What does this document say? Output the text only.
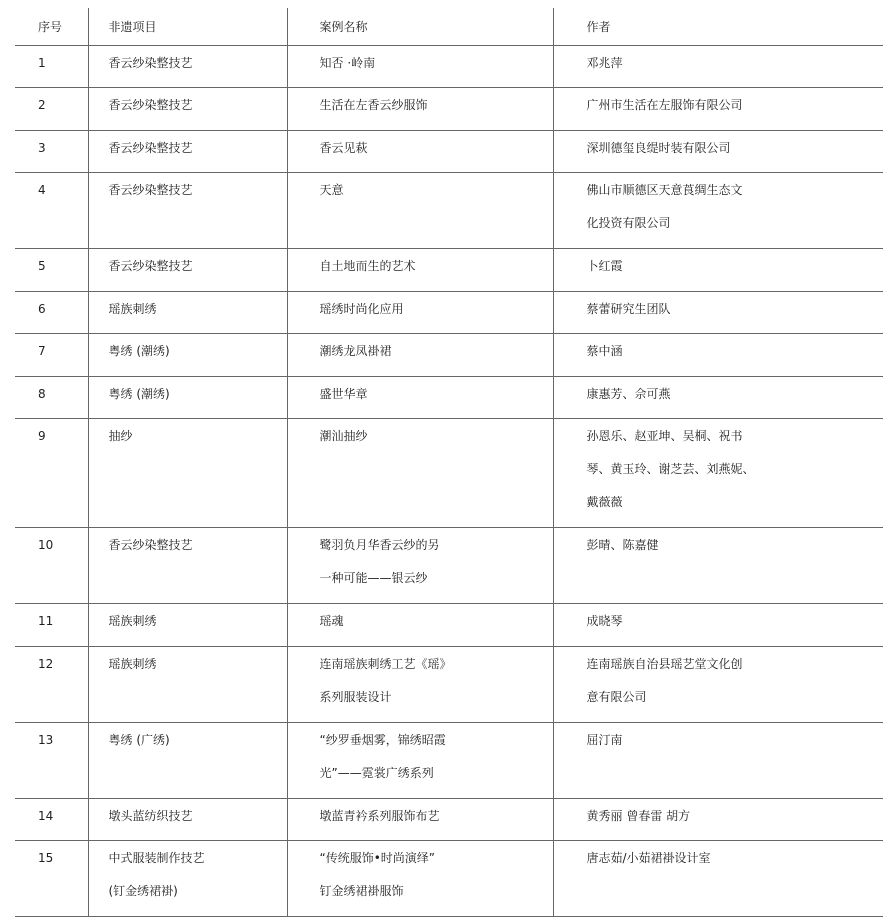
序号	非遗项目	案例名称	作者

1	香云纱染整技艺	知否 ·岭南	邓兆萍

2	香云纱染整技艺	生活在左香云纱服饰	广州市生活在左服饰有限公司

3	香云纱染整技艺	香云见萩	深圳德玺良缇时装有限公司

4	香云纱染整技艺	天意	佛山市顺德区天意莨绸生态文
化投资有限公司

5	香云纱染整技艺	自土地而生的艺术	卜红霞

6	瑶族刺绣	瑶绣时尚化应用	蔡蕾研究生团队

7	粤绣 (潮绣)	潮绣龙凤褂裙	蔡中涵

8	粤绣 (潮绣)	盛世华章	康惠芳、佘可燕

9	抽纱	潮汕抽纱	孙恩乐、赵亚坤、吴桐、祝书
琴、黄玉玲、谢芝芸、刘燕妮、
戴薇薇

10	香云纱染整技艺	鹭羽负月华香云纱的另
一种可能——银云纱	彭晴、陈嘉健

11	瑶族刺绣	瑶魂	成晓琴

12	瑶族刺绣	连南瑶族刺绣工艺《瑶》
系列服装设计	连南瑶族自治县瑶艺堂文化创
意有限公司

13	粤绣 (广绣)	“纱罗垂烟雾，锦绣昭霞
光”——霓裳广绣系列	屈汀南

14	墩头蓝纺织技艺	墩蓝青衿系列服饰布艺	黄秀丽 曾春雷 胡方

15	中式服装制作技艺
(钉金绣裙褂)	“传统服饰•时尚演绎”
钉金绣裙褂服饰	唐志茹/小茹裙褂设计室
